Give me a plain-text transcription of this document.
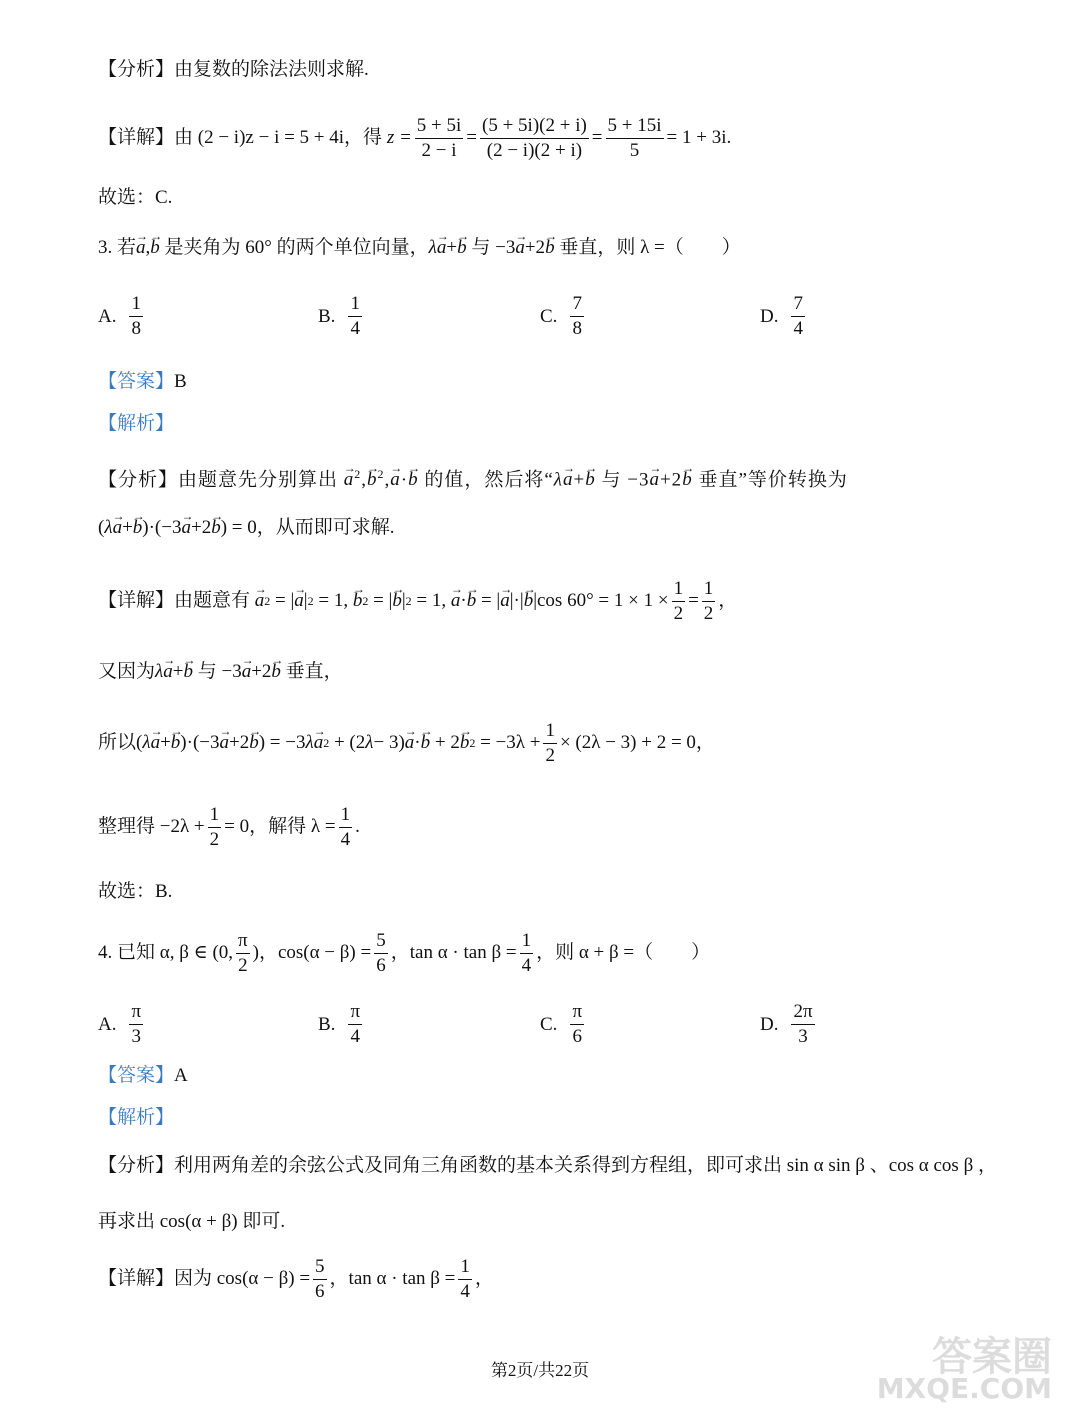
【分析】由复数的除法法则求解.
【详解】由
(2 − i)z − i = 5 + 4i，得
$z = \frac{5 + 5i}{2 - i} = \frac{(5 + 5i)(2 + i)}{(2 - i)(2 + i)} = \frac{5 + 15i}{5} = 1 + 3i$.
故选：C.
3. 若→ a,→ b 是夹角为 60° 的两个单位向量，λ→ a+→ b 与 −3→ a+2→ b 垂直，则 λ =（　　）
A. $\frac{1}{8}$	B. $\frac{1}{4}$	C. $\frac{7}{8}$	D. $\frac{7}{4}$
【答案】B
【解析】
【分析】由题意先分别算出 → $a^2,\to b^2,\to a\cdot\to b$ 的值，然后将“λ→ a+→ b 与 −3→ a+2→ b 垂直”等价转换为
(λ→ a+→ b)·(−3→ a+2→ b) = 0，从而即可求解.
【详解】由题意有
→ a 2 = | → a | 2 = 1, → b 2 = | → b | 2 = 1, → a · → b = | → a |·| → b |cos $60^\circ = 1 \times 1 \times \frac{1}{2} = \frac{1}{2}$ ，
又因为λ→ a+→ b 与 −3→ a+2→ b 垂直，
所以 ( λ → a + → b )·(−3 → a +2 → b ) = −3 λ → a 2 + (2 λ − 3) → a · → b + 2 → b 2
= $-3\lambda + \frac{1}{2} \times (2\lambda - 3) + 2 = 0$，
整理得 $-2\lambda + \frac{1}{2} = 0$，解得 $\lambda = \frac{1}{4}$ .
故选：B.
4. 已知 α, β ∈ (0, $\frac{\pi}{2}$ ) ，$\cos(\alpha - \beta) = \frac{5}{6}$ ，$\tan \alpha \cdot \tan \beta = \frac{1}{4}$ ，则 α + β =（　　）
A. $\frac{\pi}{3}$	B. $\frac{\pi}{4}$	C. $\frac{\pi}{6}$	D. $\frac{2\pi}{3}$
【答案】A
【解析】
【分析】利用两角差的余弦公式及同角三角函数的基本关系得到方程组，即可求出 sin α sin β 、cos α cos β ，
再求出 cos(α + β) 即可.
【详解】因为 $\cos(\alpha - \beta) = \frac{5}{6}$ ，$\tan \alpha \cdot \tan \beta = \frac{1}{4}$ ，
第2页/共22页	答案圈
MXQE.COM
